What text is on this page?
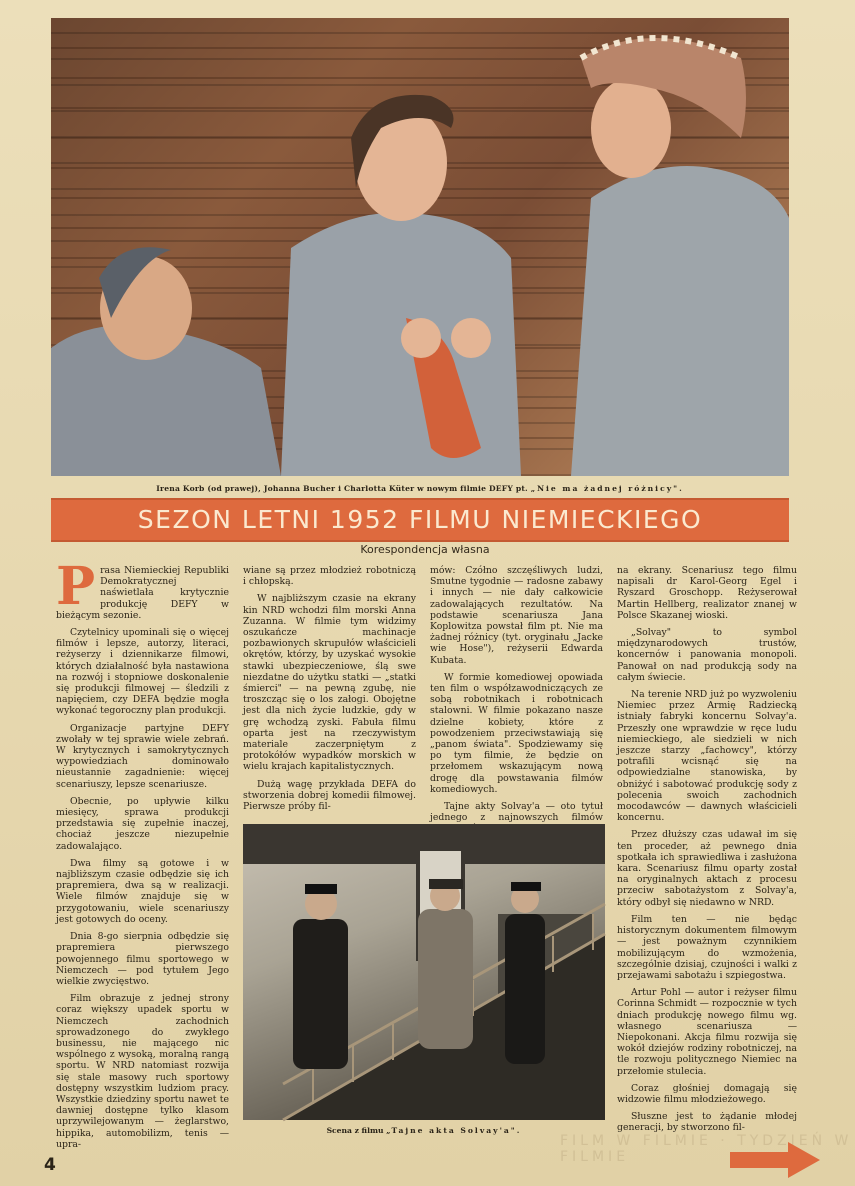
Irena Korb (od prawej), Johanna Bucher i Charlotta Küter w nowym filmie DEFY pt. „Nie ma żadnej różnicy".
SEZON LETNI 1952 FILMU NIEMIECKIEGO
Korespondencja własna

Prasa Niemieckiej Republiki Demokratycznej naświetlała krytycznie produkcję DEFY w bieżącym sezonie.

Czytelnicy upominali się o więcej filmów i lepsze, autorzy, literaci, reżyserzy i dziennikarze filmowi, których działalność była nastawiona na rozwój i stopniowe doskonalenie się produkcji filmowej — śledzili z napięciem, czy DEFA będzie mogła wykonać tegoroczny plan produkcji.

Organizacje partyjne DEFY zwołały w tej sprawie wiele zebrań. W krytycznych i samokrytycznych wypowiedziach dominowało nieustannie zagadnienie: więcej scenariuszy, lepsze scenariusze.

Obecnie, po upływie kilku miesięcy, sprawa produkcji przedstawia się zupełnie inaczej, chociaż jeszcze niezupełnie zadowalająco.

Dwa filmy są gotowe i w najbliższym czasie odbędzie się ich prapremiera, dwa są w realizacji. Wiele filmów znajduje się w przygotowaniu, wiele scenariuszy jest gotowych do oceny.

Dnia 8-go sierpnia odbędzie się prapremiera pierwszego powojennego filmu sportowego w Niemczech — pod tytułem Jego wielkie zwycięstwo.

Film obrazuje z jednej strony coraz większy upadek sportu w Niemczech zachodnich sprowadzonego do zwykłego businessu, nie mającego nic wspólnego z wysoką, moralną rangą sportu. W NRD natomiast rozwija się stale masowy ruch sportowy dostępny wszystkim ludziom pracy. Wszystkie dziedziny sportu nawet te dawniej dostępne tylko klasom uprzywilejowanym — żeglarstwo, hippika, automobilizm, tenis — upra-

wiane są przez młodzież robotniczą i chłopską.

W najbliższym czasie na ekrany kin NRD wchodzi film morski Anna Zuzanna. W filmie tym widzimy oszukańcze machinacje pozbawionych skrupułów właścicieli okrętów, którzy, by uzyskać wysokie stawki ubezpieczeniowe, ślą swe niezdatne do użytku statki — „statki śmierci" — na pewną zgubę, nie troszcząc się o los załogi. Obojętne jest dla nich życie ludzkie, gdy w grę wchodzą zyski. Fabuła filmu oparta jest na rzeczywistym materiale zaczerpniętym z protokółów wypadków morskich w wielu krajach kapitalistycznych.

Dużą wagę przykłada DEFA do stworzenia dobrej komedii filmowej. Pierwsze próby fil-

mów: Czółno szczęśliwych ludzi, Smutne tygodnie — radosne zabawy i innych — nie dały całkowicie zadowalających rezultatów. Na podstawie scenariusza Jana Koplowitza powstał film pt. Nie ma żadnej różnicy (tyt. oryginału „Jacke wie Hose"), reżyserii Edwarda Kubata.

W formie komediowej opowiada ten film o współzawodniczących ze sobą robotnikach i robotnicach stalowni. W filmie pokazano nasze dzielne kobiety, które z powodzeniem przeciwstawiają się „panom świata". Spodziewamy się po tym filmie, że będzie on przełomem wskazującym nową drogę dla powstawania filmów komediowych.

Tajne akty Solvay'a — oto tytuł jednego z najnowszych filmów

na ekrany. Scenariusz tego filmu napisali dr Karol-Georg Egel i Ryszard Groschopp. Reżyserował Martin Hellberg, realizator znanej w Polsce Skazanej wioski.

„Solvay" to symbol międzynarodowych trustów, koncernów i panowania monopoli. Panował on nad produkcją sody na całym świecie.

Na terenie NRD już po wyzwoleniu Niemiec przez Armię Radziecką istniały fabryki koncernu Solvay'a. Przeszły one wprawdzie w ręce ludu niemieckiego, ale siedzieli w nich jeszcze starzy „fachowcy", którzy potrafili wcisnąć się na odpowiedzialne stanowiska, by obniżyć i sabotować produkcję sody z polecenia swoich zachodnich mocodawców — dawnych właścicieli koncernu.

Przez dłuższy czas udawał im się ten proceder, aż pewnego dnia spotkała ich sprawiedliwa i zasłużona kara. Scenariusz filmu oparty został na oryginalnych aktach z procesu przeciw sabotażystom z Solvay'a, który odbył się niedawno w NRD.

Film ten — nie będąc historycznym dokumentem filmowym — jest poważnym czynnikiem mobilizującym do wzmożenia, szczególnie dzisiaj, czujności i walki z przejawami sabotażu i szpiegostwa.

Artur Pohl — autor i reżyser filmu Corinna Schmidt — rozpocznie w tych dniach produkcję nowego filmu wg. własnego scenariusza — Niepokonani. Akcja filmu rozwija się wokół dziejów rodziny robotniczej, na tle rozwoju politycznego Niemiec na przełomie stulecia.

Coraz głośniej domagają się widzowie filmu młodzieżowego.

Słuszne jest to żądanie młodej generacji, by stworzono fil-

Scena z filmu „Tajne akta Solvay'a".
FILM W FILMIE · TYDZIEŃ W FILMIE
4
